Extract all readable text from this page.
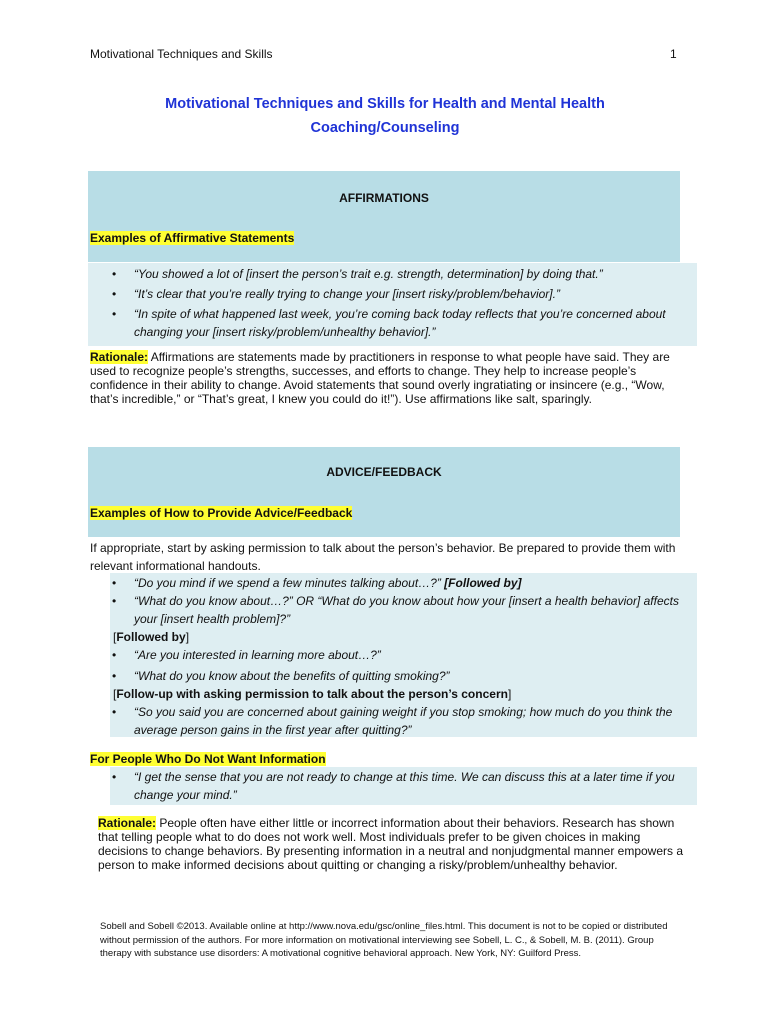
Motivational Techniques and Skills	1
Motivational Techniques and Skills for Health and Mental Health
Coaching/Counseling
AFFIRMATIONS
Examples of Affirmative Statements
• “You showed a lot of [insert the person’s trait e.g. strength, determination] by doing that.”
• “It’s clear that you’re really trying to change your [insert risky/problem/behavior].”
• “In spite of what happened last week, you’re coming back today reflects that you’re concerned about changing your [insert risky/problem/unhealthy behavior].”
Rationale: Affirmations are statements made by practitioners in response to what people have said. They are used to recognize people’s strengths, successes, and efforts to change. They help to increase people’s confidence in their ability to change. Avoid statements that sound overly ingratiating or insincere (e.g., “Wow, that’s incredible,” or “That’s great, I knew you could do it!”). Use affirmations like salt, sparingly.
ADVICE/FEEDBACK
Examples of How to Provide Advice/Feedback
If appropriate, start by asking permission to talk about the person’s behavior. Be prepared to provide them with relevant informational handouts.
• “Do you mind if we spend a few minutes talking about…?” [Followed by]
• “What do you know about…?” OR “What do you know about how your [insert a health behavior] affects your [insert health problem]?”
[Followed by]
• “Are you interested in learning more about…?”
• “What do you know about the benefits of quitting smoking?”
[Follow-up with asking permission to talk about the person’s concern]
• “So you said you are concerned about gaining weight if you stop smoking; how much do you think the average person gains in the first year after quitting?”
For People Who Do Not Want Information
• “I get the sense that you are not ready to change at this time. We can discuss this at a later time if you change your mind.”
Rationale: People often have either little or incorrect information about their behaviors. Research has shown that telling people what to do does not work well. Most individuals prefer to be given choices in making decisions to change behaviors. By presenting information in a neutral and nonjudgmental manner empowers a person to make informed decisions about quitting or changing a risky/problem/unhealthy behavior.
Sobell and Sobell ©2013. Available online at http://www.nova.edu/gsc/online_files.html. This document is not to be copied or distributed without permission of the authors. For more information on motivational interviewing see Sobell, L. C., & Sobell, M. B. (2011). Group therapy with substance use disorders: A motivational cognitive behavioral approach. New York, NY: Guilford Press.
